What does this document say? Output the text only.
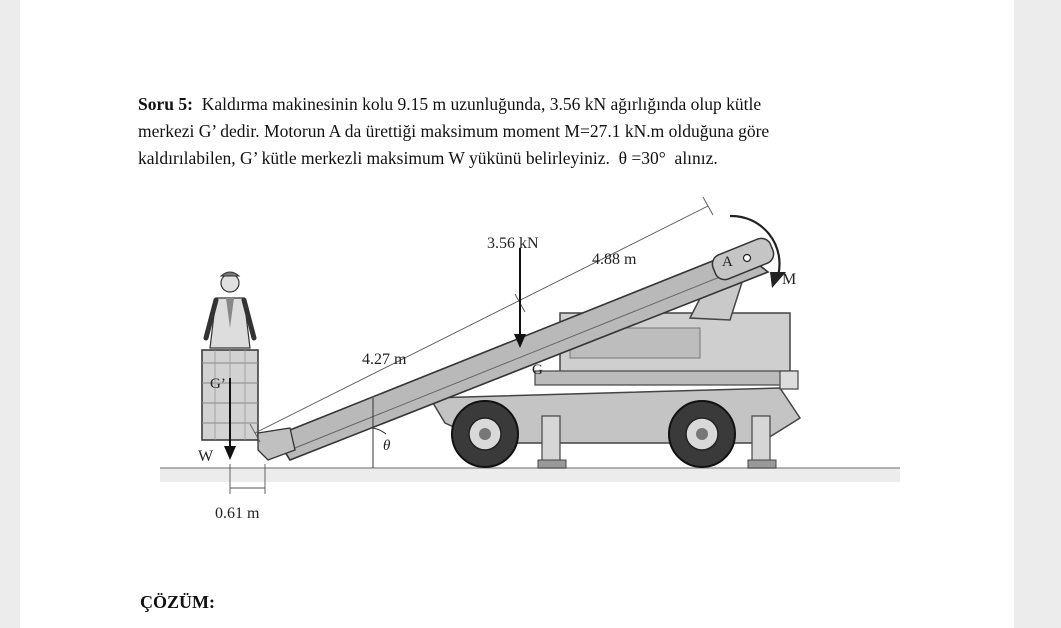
Soru 5: Kaldırma makinesinin kolu 9.15 m uzunluğunda, 3.56 kN ağırlığında olup kütle
merkezi G’ dedir. Motorun A da ürettiği maksimum moment M=27.1 kN.m olduğuna göre
kaldırılabilen, G’ kütle merkezli maksimum W yükünü belirleyiniz. θ =30° alınız.
3.56 kN
4.88 m
4.27 m
0.61 m
A
M
G
G’
W
θ
ÇÖZÜM:
